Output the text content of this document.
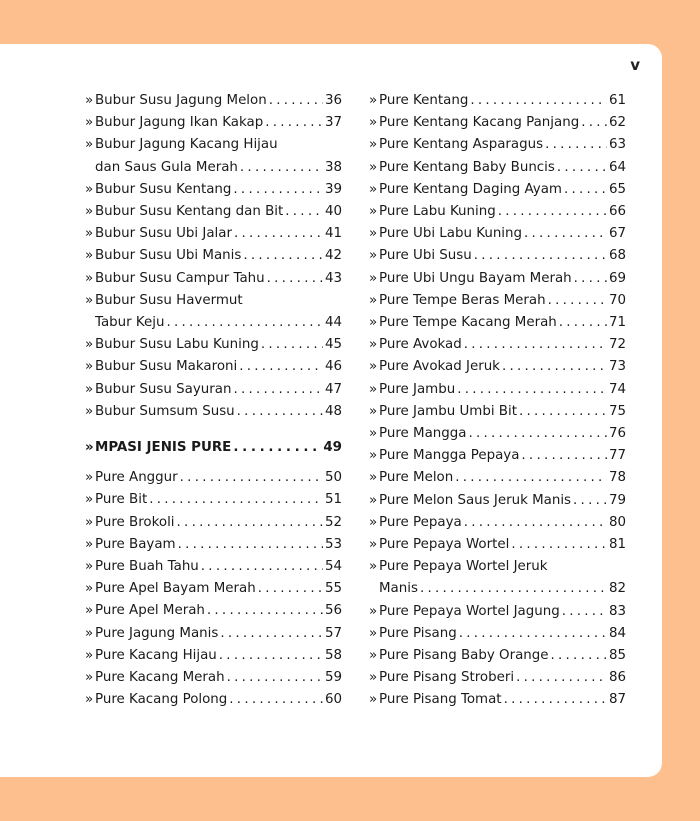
v
» Bubur Susu Jagung Melon . . .	36
» Bubur Jagung Ikan Kakap . . .	37
» Bubur Jagung Kacang Hijau
dan Saus Gula Merah . . .	38
» Bubur Susu Kentang . . .	39
» Bubur Susu Kentang dan Bit . . .	40
» Bubur Susu Ubi Jalar . . .	41
» Bubur Susu Ubi Manis . . .	42
» Bubur Susu Campur Tahu . . .	43
» Bubur Susu Havermut
Tabur Keju . . .	44
» Bubur Susu Labu Kuning . . .	45
» Bubur Susu Makaroni . . .	46
» Bubur Susu Sayuran . . .	47
» Bubur Sumsum Susu . . .	48
» MPASI JENIS PURE . . .	49
» Pure Anggur . . .	50
» Pure Bit . . .	51
» Pure Brokoli . . .	52
» Pure Bayam . . .	53
» Pure Buah Tahu . . .	54
» Pure Apel Bayam Merah . . .	55
» Pure Apel Merah . . .	56
» Pure Jagung Manis . . .	57
» Pure Kacang Hijau . . .	58
» Pure Kacang Merah . . .	59
» Pure Kacang Polong . . .	60
» Pure Kentang . . .	61
» Pure Kentang Kacang Panjang . . . 62
» Pure Kentang Asparagus . . .	63
» Pure Kentang Baby Buncis . . .	64
» Pure Kentang Daging Ayam . . .	65
» Pure Labu Kuning . . .	66
» Pure Ubi Labu Kuning . . .	67
» Pure Ubi Susu . . .	68
» Pure Ubi Ungu Bayam Merah . . .	69
» Pure Tempe Beras Merah . . .	70
» Pure Tempe Kacang Merah . . .	71
» Pure Avokad . . .	72
» Pure Avokad Jeruk . . .	73
» Pure Jambu . . .	74
» Pure Jambu Umbi Bit . . .	75
» Pure Mangga . . .	76
» Pure Mangga Pepaya . . .	77
» Pure Melon . . .	78
» Pure Melon Saus Jeruk Manis . . .	79
» Pure Pepaya . . .	80
» Pure Pepaya Wortel . . .	81
» Pure Pepaya Wortel Jeruk
Manis . . .	82
» Pure Pepaya Wortel Jagung . . .	83
» Pure Pisang . . .	84
» Pure Pisang Baby Orange . . .	85
» Pure Pisang Stroberi . . .	86
» Pure Pisang Tomat . . .	87
